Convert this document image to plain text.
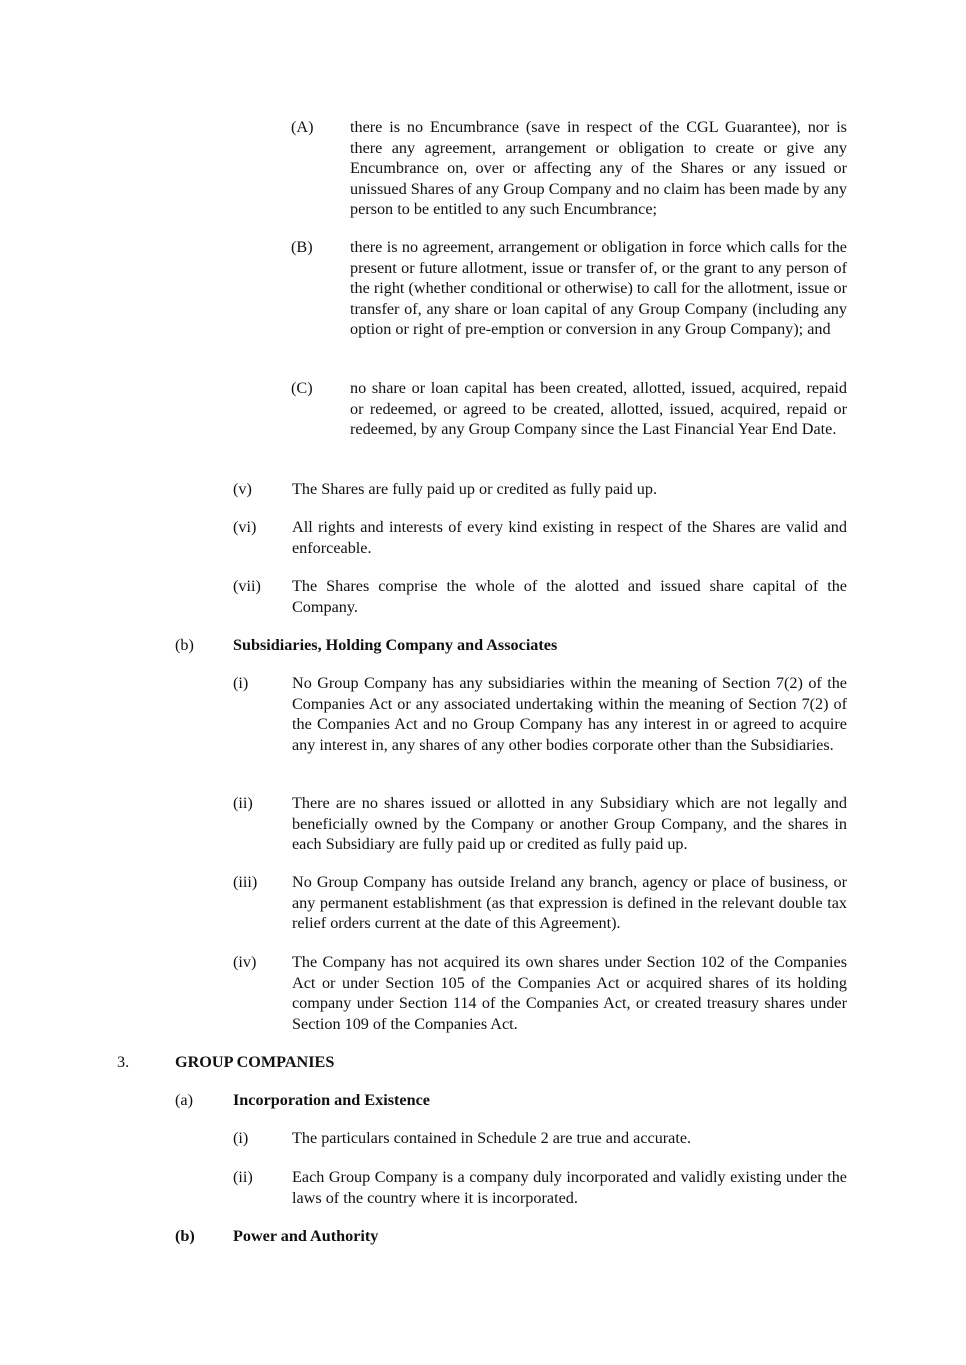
(A) there is no Encumbrance (save in respect of the CGL Guarantee), nor is there any agreement, arrangement or obligation to create or give any Encumbrance on, over or affecting any of the Shares or any issued or unissued Shares of any Group Company and no claim has been made by any person to be entitled to any such Encumbrance;
(B) there is no agreement, arrangement or obligation in force which calls for the present or future allotment, issue or transfer of, or the grant to any person of the right (whether conditional or otherwise) to call for the allotment, issue or transfer of, any share or loan capital of any Group Company (including any option or right of pre-emption or conversion in any Group Company); and
(C) no share or loan capital has been created, allotted, issued, acquired, repaid or redeemed, or agreed to be created, allotted, issued, acquired, repaid or redeemed, by any Group Company since the Last Financial Year End Date.
(v) The Shares are fully paid up or credited as fully paid up.
(vi) All rights and interests of every kind existing in respect of the Shares are valid and enforceable.
(vii) The Shares comprise the whole of the alotted and issued share capital of the Company.
(b) Subsidiaries, Holding Company and Associates
(i)	No Group Company has any subsidiaries within the meaning of Section 7(2) of the Companies Act or any associated undertaking within the meaning of Section 7(2) of the Companies Act and no Group Company has any interest in or agreed to acquire any interest in, any shares of any other bodies corporate other than the Subsidiaries.
(ii) There are no shares issued or allotted in any Subsidiary which are not legally and beneficially owned by the Company or another Group Company, and the shares in each Subsidiary are fully paid up or credited as fully paid up.
(iii) No Group Company has outside Ireland any branch, agency or place of business, or any permanent establishment (as that expression is defined in the relevant double tax relief orders current at the date of this Agreement).
(iv) The Company has not acquired its own shares under Section 102 of the Companies Act or under Section 105 of the Companies Act or acquired shares of its holding company under Section 114 of the Companies Act, or created treasury shares under Section 109 of the Companies Act.
3.	GROUP COMPANIES
(a) Incorporation and Existence
(i)	The particulars contained in Schedule 2 are true and accurate.
(ii) Each Group Company is a company duly incorporated and validly existing under the laws of the country where it is incorporated.
(b) Power and Authority
